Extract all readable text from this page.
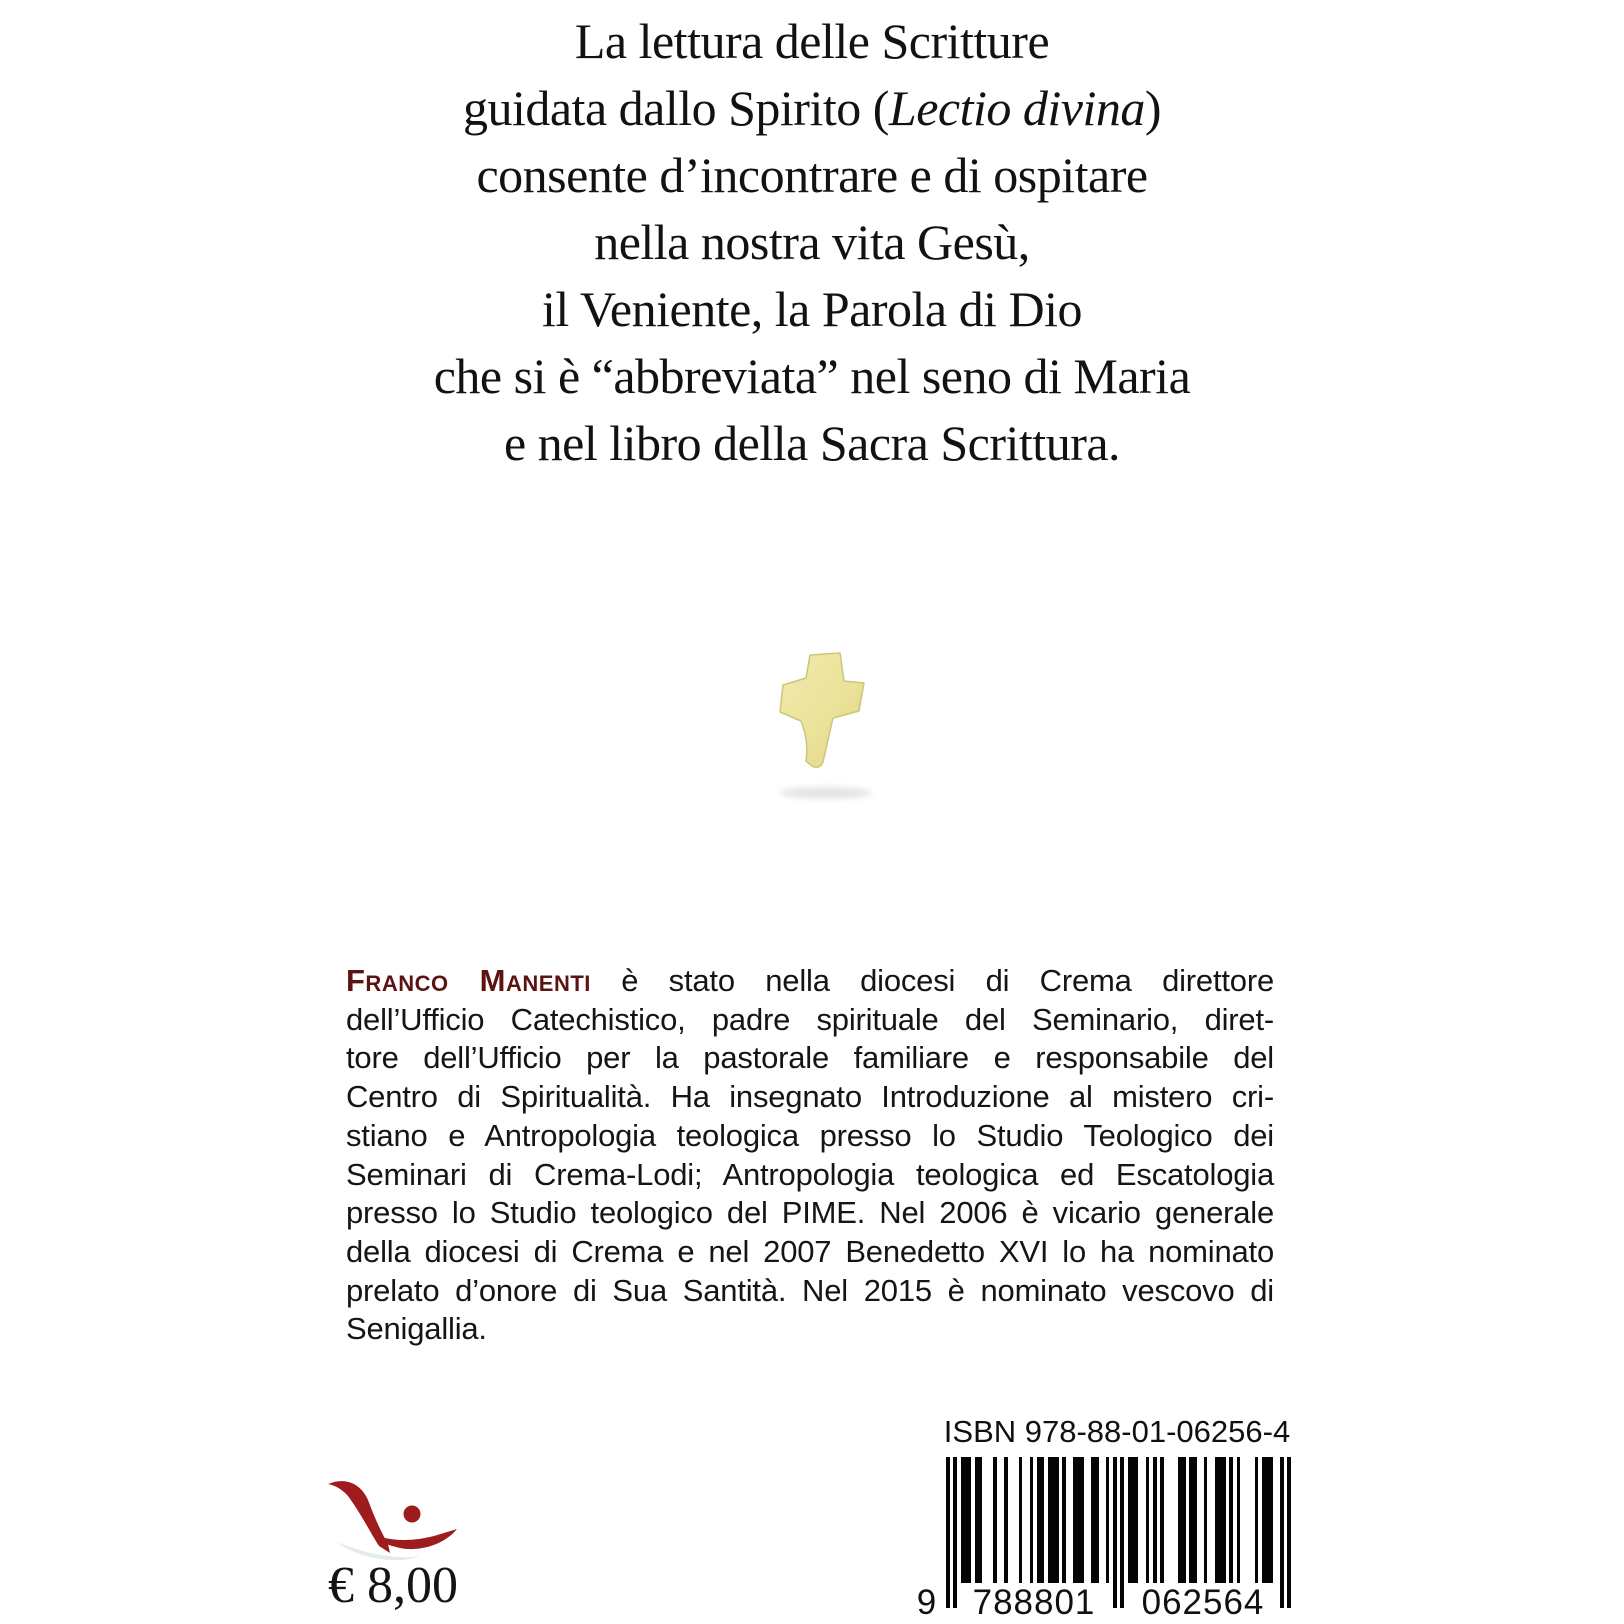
La lettura delle Scritture
guidata dallo Spirito (Lectio divina)
consente d’incontrare e di ospitare
nella nostra vita Gesù,
il Veniente, la Parola di Dio
che si è “abbreviata” nel seno di Maria
e nel libro della Sacra Scrittura.
Franco Manenti è stato nella diocesi di Crema direttore
dell’Ufficio Catechistico, padre spirituale del Seminario, diret-
tore dell’Ufficio per la pastorale familiare e responsabile del
Centro di Spiritualità. Ha insegnato Introduzione al mistero cri-
stiano e Antropologia teologica presso lo Studio Teologico dei
Seminari di Crema-Lodi; Antropologia teologica ed Escatologia
presso lo Studio teologico del PIME. Nel 2006 è vicario generale
della diocesi di Crema e nel 2007 Benedetto XVI lo ha nominato
prelato d’onore di Sua Santità. Nel 2015 è nominato vescovo di
Senigallia.
ISBN 978-88-01-06256-4
9 788801 062564
€ 8,00
